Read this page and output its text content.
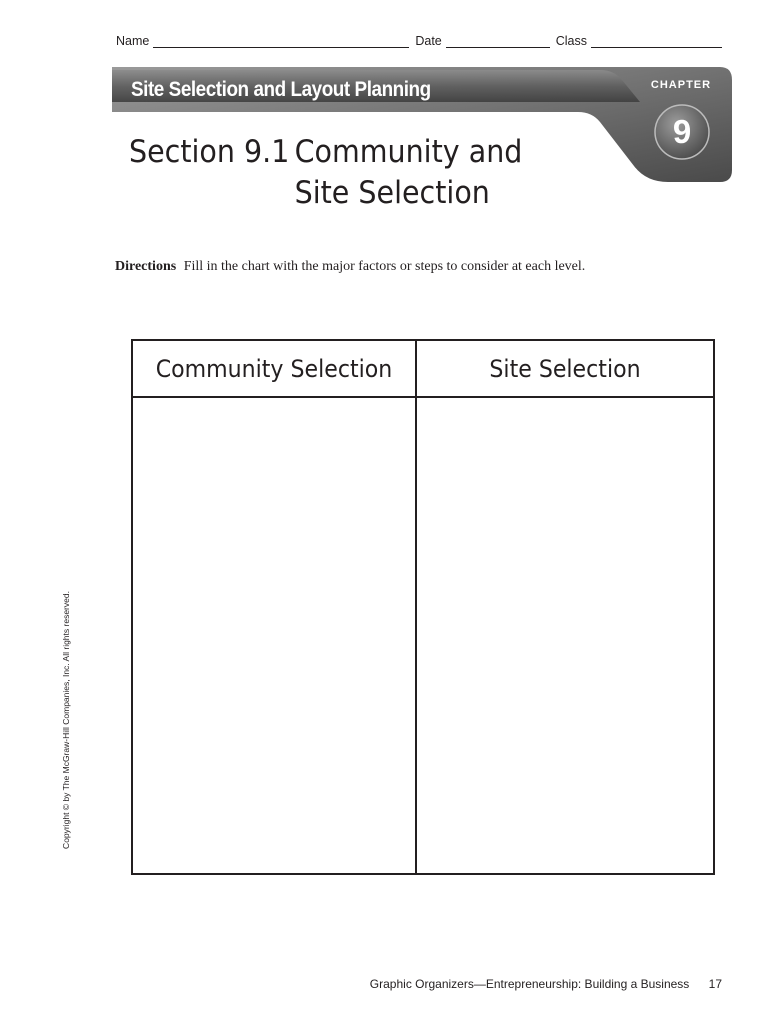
Name	Date	Class
Site Selection and Layout Planning	CHAPTER
9
Section 9.1 Community and
Site Selection
Directions Fill in the chart with the major factors or steps to consider at each level.
Community Selection	Site Selection
Copyright © by The McGraw-Hill Companies, Inc. All rights reserved.
Graphic Organizers—Entrepreneurship: Building a Business 17
